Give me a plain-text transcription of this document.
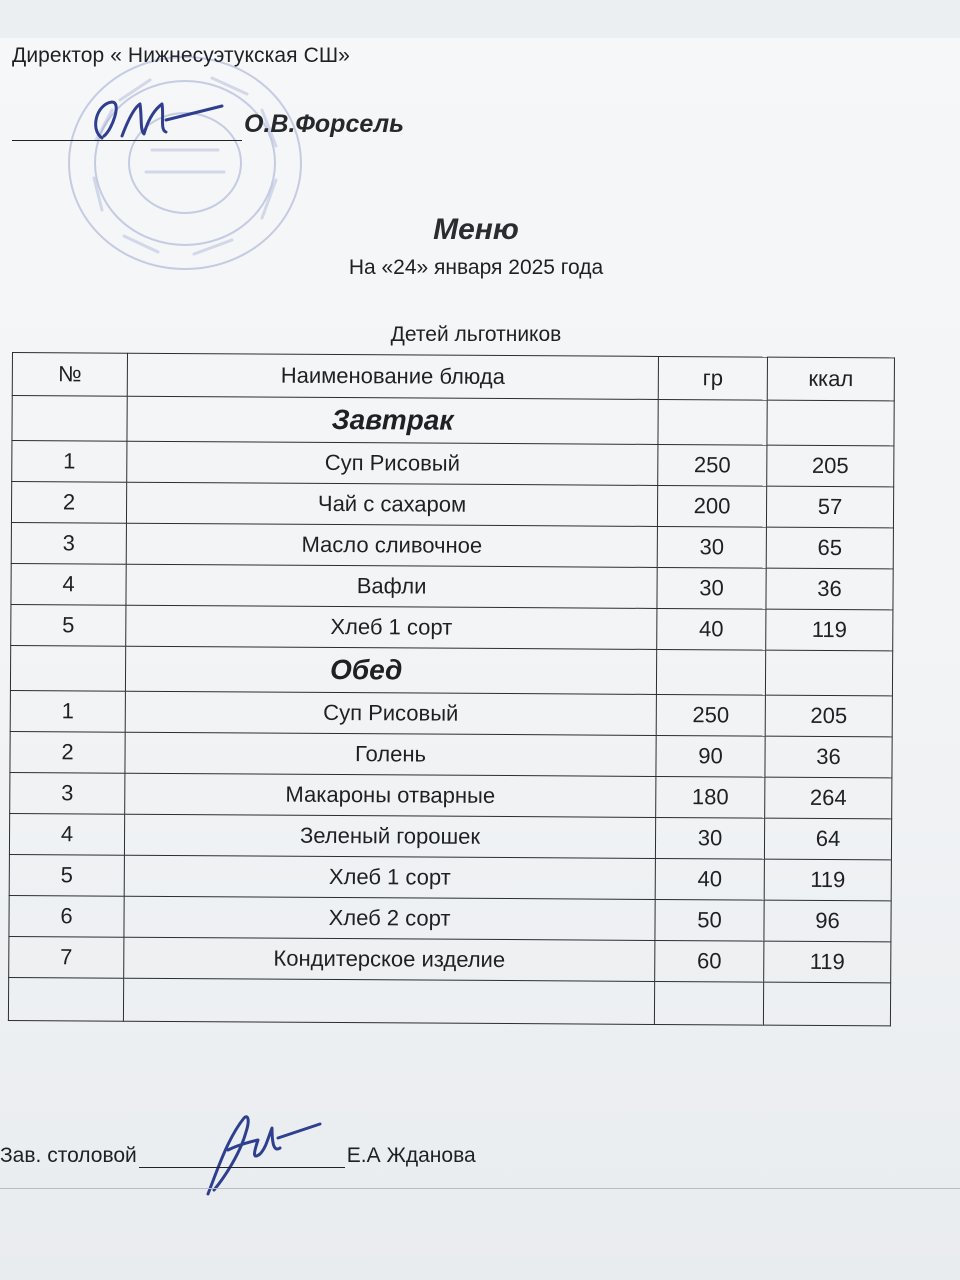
Директор « Нижнесуэтукская СШ»
О.В.Форсель
Меню
На «24» января 2025 года
Детей льготников
№	Наименование блюда	гр	ккал
	Завтрак		
1	Суп Рисовый	250	205
2	Чай с сахаром	200	57
3	Масло сливочное	30	65
4	Вафли	30	36
5	Хлеб 1 сорт	40	119
	Обед		
1	Суп Рисовый	250	205
2	Голень	90	36
3	Макароны отварные	180	264
4	Зеленый горошек	30	64
5	Хлеб 1 сорт	40	119
6	Хлеб 2 сорт	50	96
7	Кондитерское изделие	60	119

Зав. столовой	Е.А Жданова
